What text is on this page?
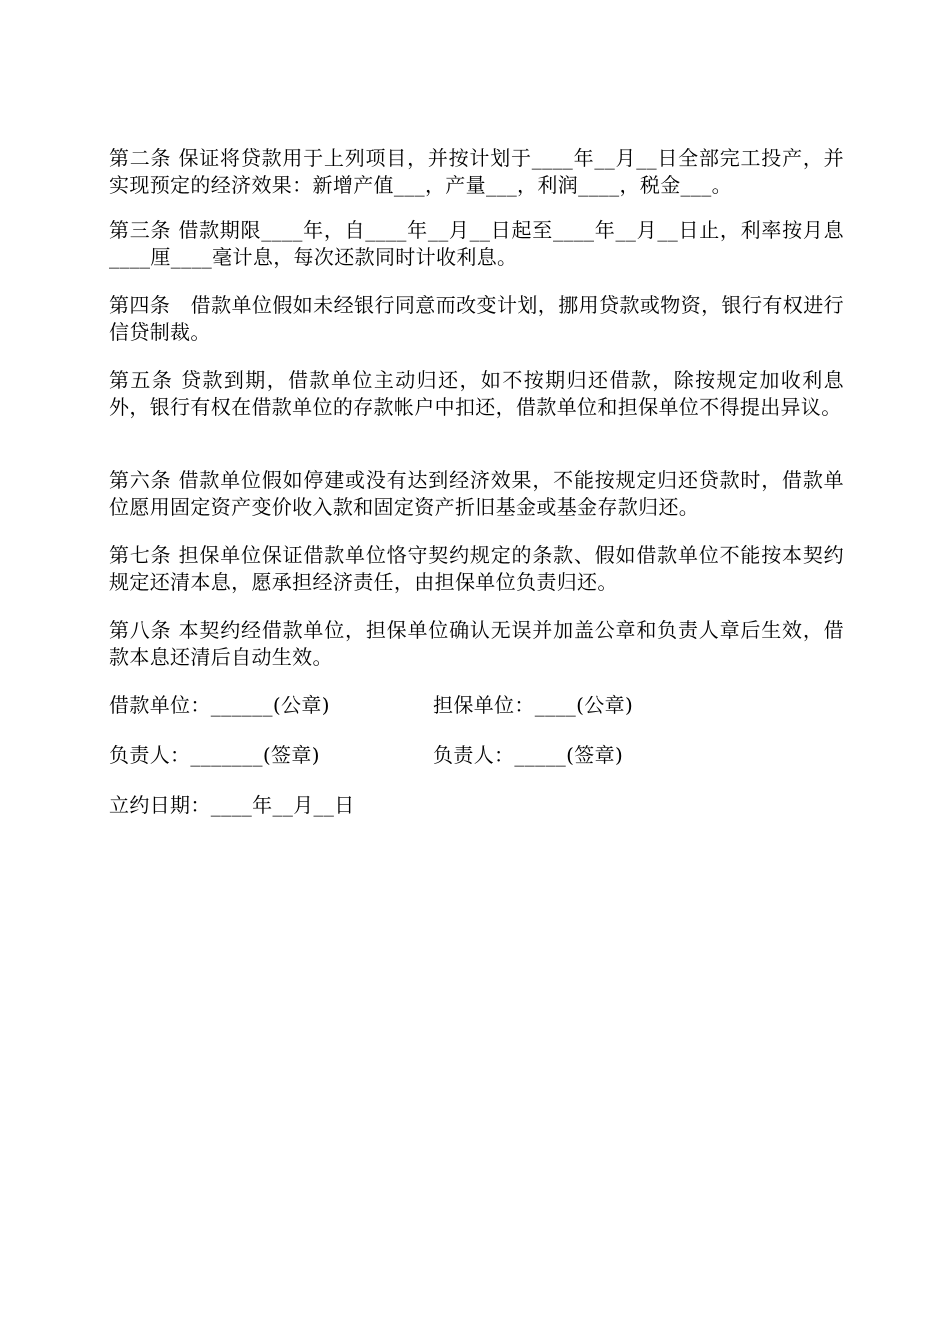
第二条 保证将贷款用于上列项目，并按计划于____年__月__日全部完工投产，并实现预定的经济效果：新增产值___，产量___，利润____，税金___。

第三条 借款期限____年，自____年__月__日起至____年__月__日止，利率按月息____厘____毫计息，每次还款同时计收利息。

第四条　借款单位假如未经银行同意而改变计划，挪用贷款或物资，银行有权进行信贷制裁。

第五条 贷款到期，借款单位主动归还，如不按期归还借款，除按规定加收利息外，银行有权在借款单位的存款帐户中扣还，借款单位和担保单位不得提出异议。

第六条 借款单位假如停建或没有达到经济效果，不能按规定归还贷款时，借款单位愿用固定资产变价收入款和固定资产折旧基金或基金存款归还。

第七条 担保单位保证借款单位恪守契约规定的条款、假如借款单位不能按本契约规定还清本息，愿承担经济责任，由担保单位负责归还。

第八条 本契约经借款单位，担保单位确认无误并加盖公章和负责人章后生效，借款本息还清后自动生效。

借款单位：______(公章)	担保单位：____(公章)

负责人：_______(签章)	负责人：_____(签章)

立约日期：____年__月__日
